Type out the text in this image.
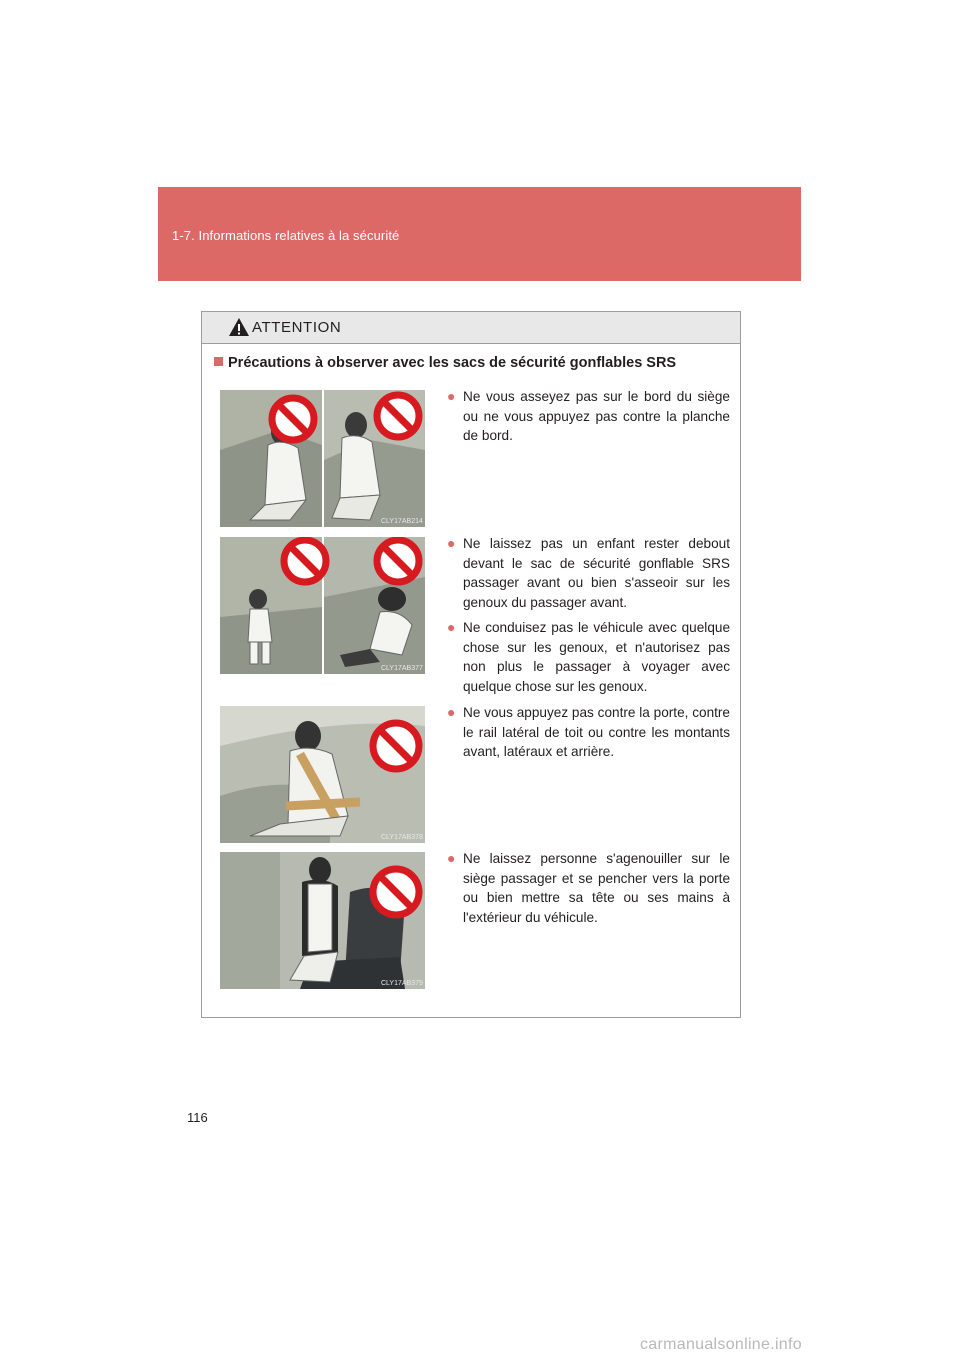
1-7. Informations relatives à la sécurité
ATTENTION
Précautions à observer avec les sacs de sécurité gonflables SRS
CLY17AB214
CLY17AB377
CLY17AB378
CLY17AB379
● Ne vous asseyez pas sur le bord du siège ou ne vous appuyez pas contre la planche de bord.
● Ne laissez pas un enfant rester debout devant le sac de sécurité gonflable SRS passager avant ou bien s'asseoir sur les genoux du passager avant.
● Ne conduisez pas le véhicule avec quelque chose sur les genoux, et n'autorisez pas non plus le passager à voyager avec quelque chose sur les genoux.
● Ne vous appuyez pas contre la porte, contre le rail latéral de toit ou contre les montants avant, latéraux et arrière.
● Ne laissez personne s'agenouiller sur le siège passager et se pencher vers la porte ou bien mettre sa tête ou ses mains à l'extérieur du véhicule.
116
carmanualsonline.info
